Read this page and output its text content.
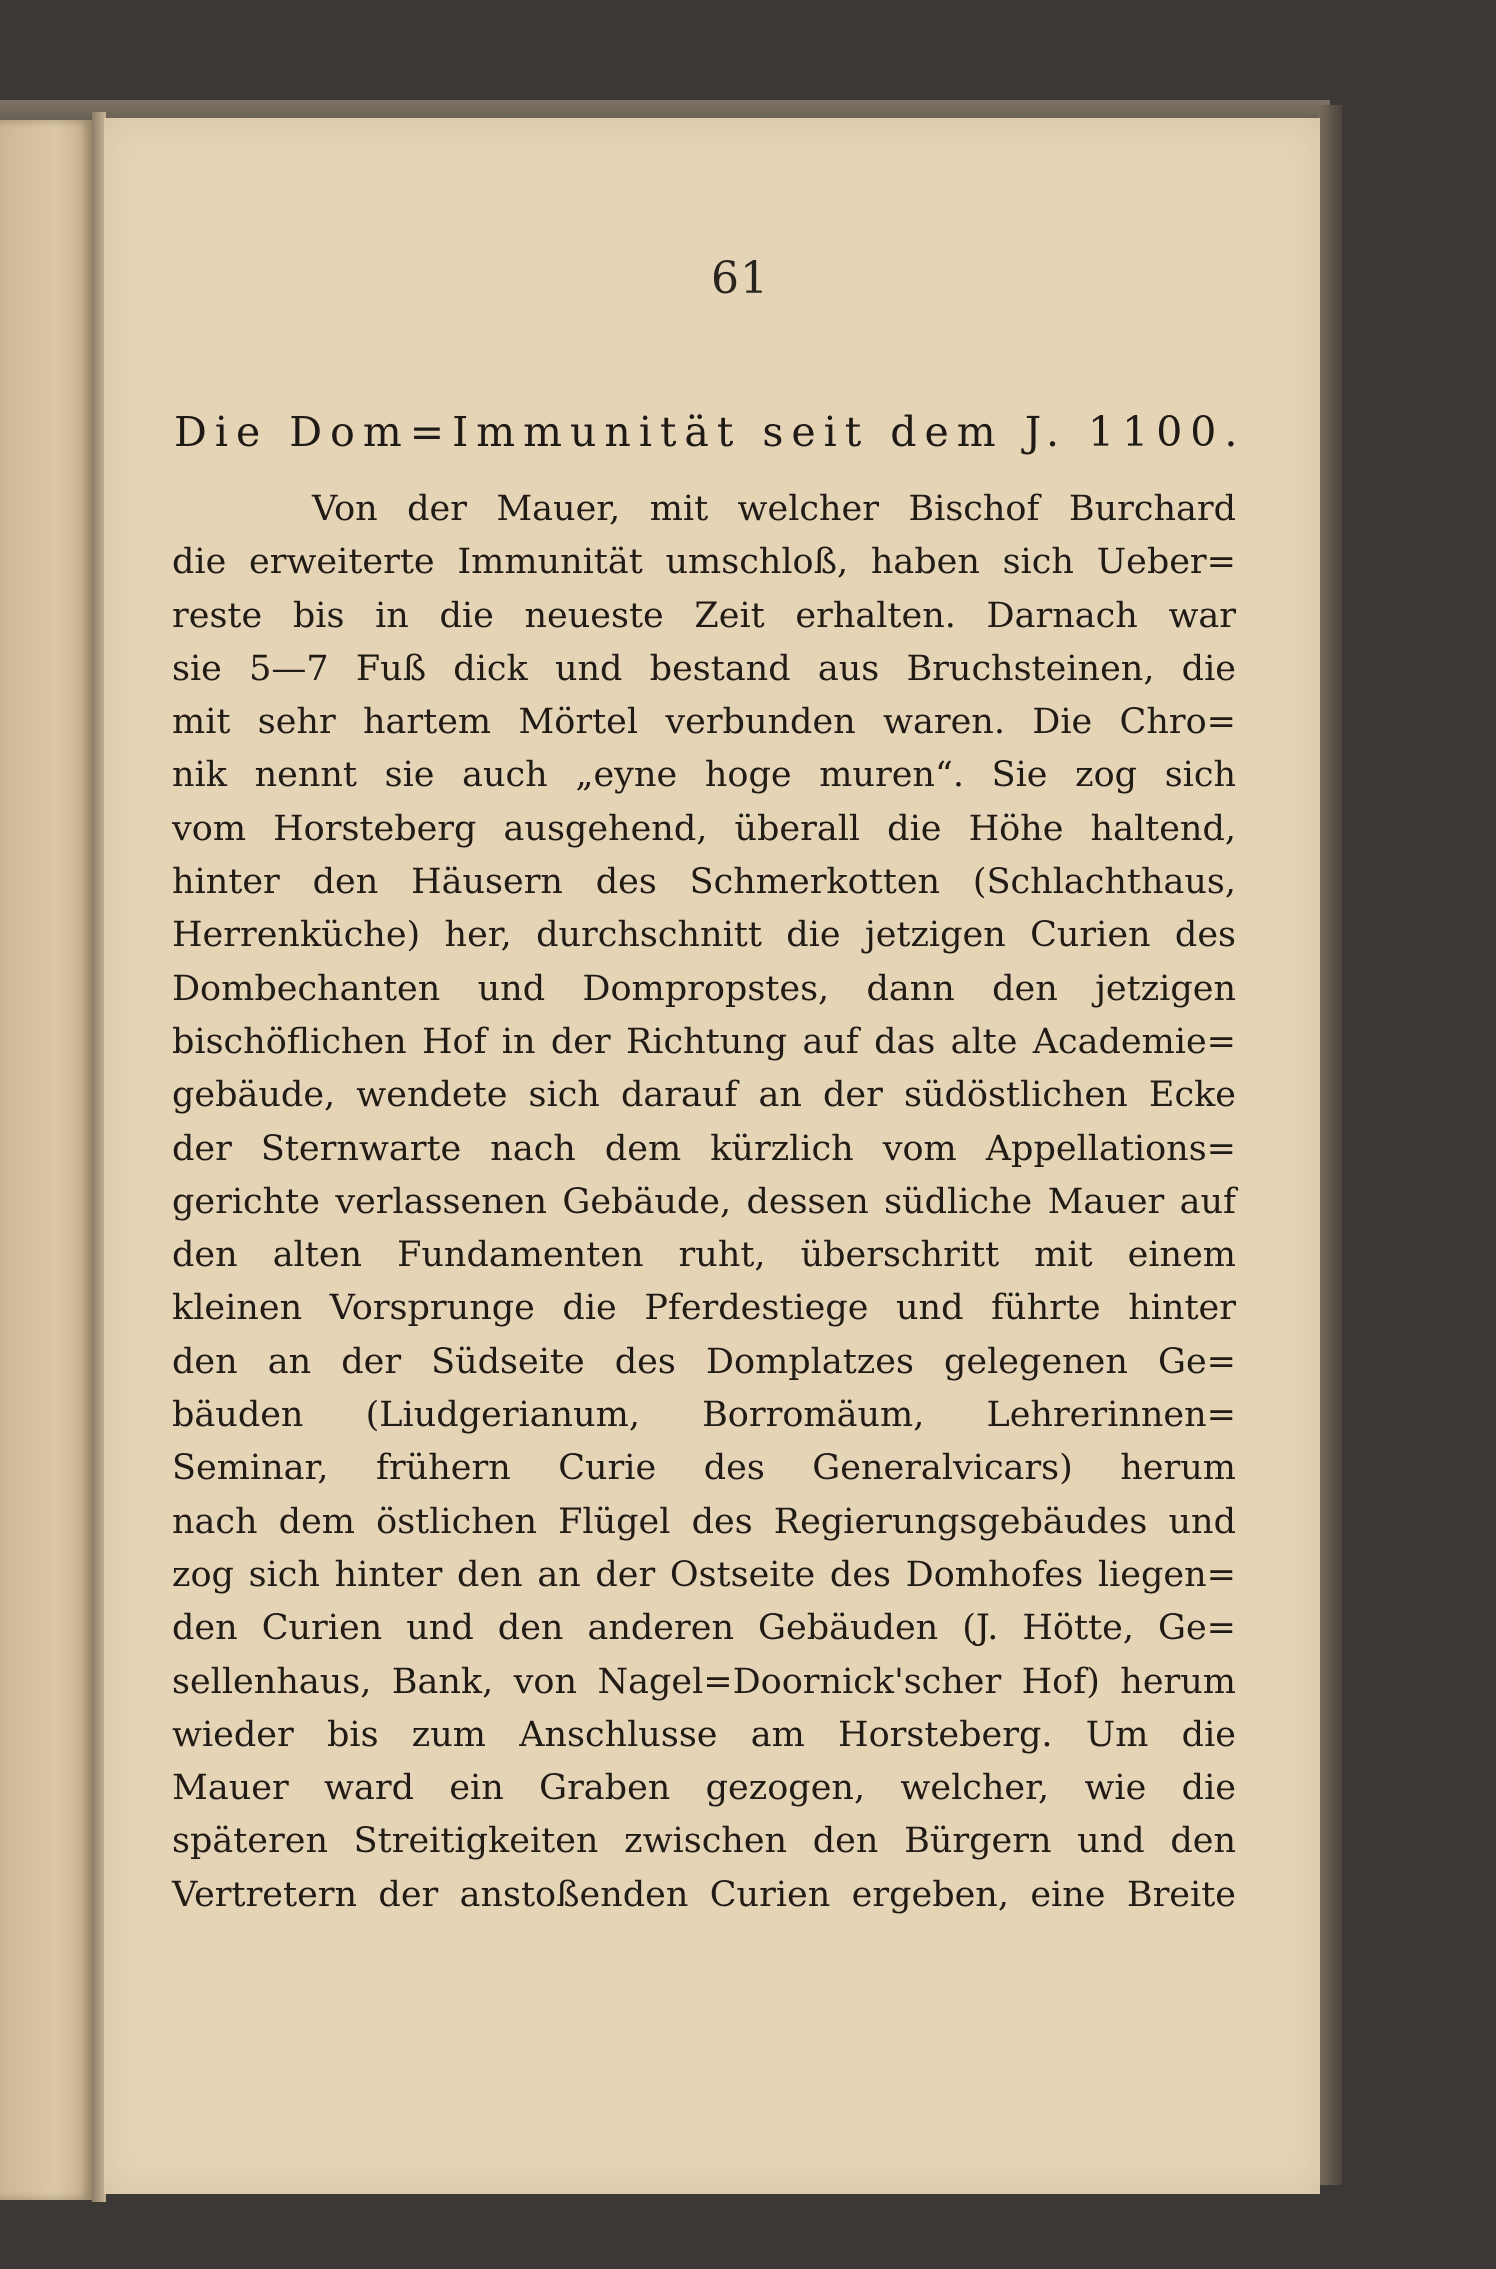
61

Die Dom=Immunität seit dem J. 1100.
Von der Mauer, mit welcher Bischof Burchard
die erweiterte Immunität umschloß, haben sich Ueber=
reste bis in die neueste Zeit erhalten. Darnach war
sie 5—7 Fuß dick und bestand aus Bruchsteinen, die
mit sehr hartem Mörtel verbunden waren. Die Chro=
nik nennt sie auch „eyne hoge muren“. Sie zog sich
vom Horsteberg ausgehend, überall die Höhe haltend,
hinter den Häusern des Schmerkotten (Schlachthaus,
Herrenküche) her, durchschnitt die jetzigen Curien des
Dombechanten und Dompropstes, dann den jetzigen
bischöflichen Hof in der Richtung auf das alte Academie=
gebäude, wendete sich darauf an der südöstlichen Ecke
der Sternwarte nach dem kürzlich vom Appellations=
gerichte verlassenen Gebäude, dessen südliche Mauer auf
den alten Fundamenten ruht, überschritt mit einem
kleinen Vorsprunge die Pferdestiege und führte hinter
den an der Südseite des Domplatzes gelegenen Ge=
bäuden (Liudgerianum, Borromäum, Lehrerinnen=
Seminar, frühern Curie des Generalvicars) herum
nach dem östlichen Flügel des Regierungsgebäudes und
zog sich hinter den an der Ostseite des Domhofes liegen=
den Curien und den anderen Gebäuden (J. Hötte, Ge=
sellenhaus, Bank, von Nagel=Doornick'scher Hof) herum
wieder bis zum Anschlusse am Horsteberg. Um die
Mauer ward ein Graben gezogen, welcher, wie die
späteren Streitigkeiten zwischen den Bürgern und den
Vertretern der anstoßenden Curien ergeben, eine Breite
